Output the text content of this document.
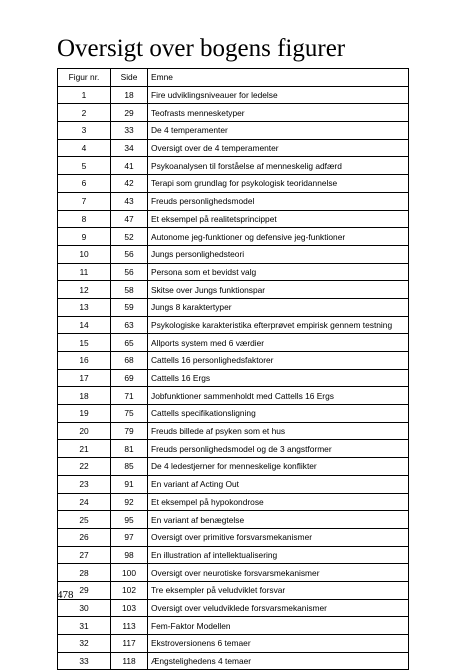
Oversigt over bogens figurer
Figur nr.	Side	Emne
1	18	Fire udviklingsniveauer for ledelse
2	29	Teofrasts mennesketyper
3	33	De 4 temperamenter
4	34	Oversigt over de 4 temperamenter
5	41	Psykoanalysen til forståelse af menneskelig adfærd
6	42	Terapi som grundlag for psykologisk teoridannelse
7	43	Freuds personlighedsmodel
8	47	Et eksempel på realitetsprincippet
9	52	Autonome jeg-funktioner og defensive jeg-funktioner
10	56	Jungs personlighedsteori
11	56	Persona som et bevidst valg
12	58	Skitse over Jungs funktionspar
13	59	Jungs 8 karaktertyper
14	63	Psykologiske karakteristika efterprøvet empirisk gennem testning
15	65	Allports system med 6 værdier
16	68	Cattells 16 personlighedsfaktorer
17	69	Cattells 16 Ergs
18	71	Jobfunktioner sammenholdt med Cattells 16 Ergs
19	75	Cattells specifikationsligning
20	79	Freuds billede af psyken som et hus
21	81	Freuds personlighedsmodel og de 3 angstformer
22	85	De 4 ledestjerner for menneskelige konflikter
23	91	En variant af Acting Out
24	92	Et eksempel på hypokondrose
25	95	En variant af benægtelse
26	97	Oversigt over primitive forsvarsmekanismer
27	98	En illustration af intellektualisering
28	100	Oversigt over neurotiske forsvarsmekanismer
29	102	Tre eksempler på veludviklet forsvar
30	103	Oversigt over veludviklede forsvarsmekanismer
31	113	Fem-Faktor Modellen
32	117	Ekstroversionens 6 temaer
33	118	Ængstelighedens 4 temaer
478
